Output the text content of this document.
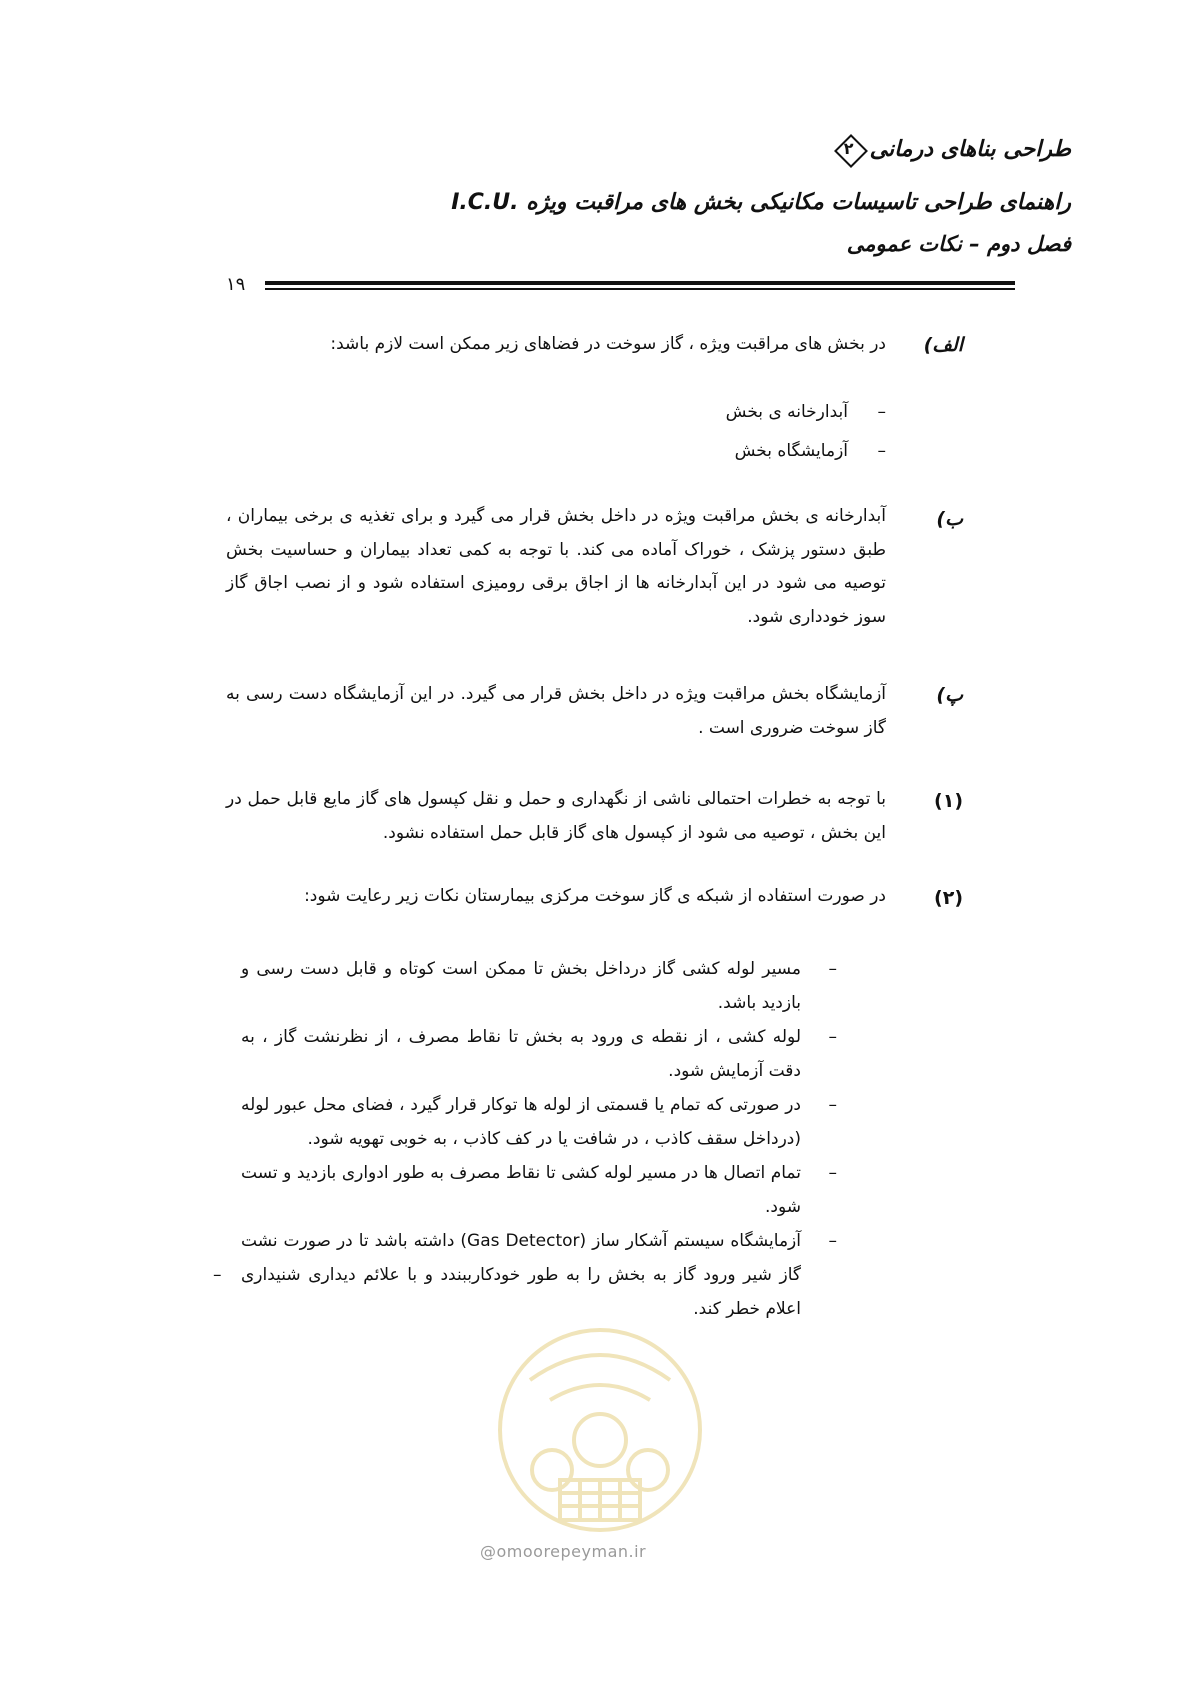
طراحی بناهای درمانی
۲
راهنمای طراحی تاسیسات مکانیکی بخش های مراقبت ویژه .I.C.U
فصل دوم – نکات عمومی
۱۹
الف)

در بخش های مراقبت ویژه ، گاز سوخت در فضاهای زیر ممکن است لازم باشد:

– آبدارخانه ی بخش
– آزمایشگاه بخش
ب)

آبدارخانه ی بخش مراقبت ویژه در داخل بخش قرار می گیرد و برای تغذیه ی برخی بیماران ، طبق دستور پزشک ، خوراک آماده می کند. با توجه به کمی تعداد بیماران و حساسیت بخش توصیه می شود در این آبدارخانه ها از اجاق برقی رومیزی استفاده شود و از نصب اجاق گاز سوز خودداری شود.

پ)

آزمایشگاه بخش مراقبت ویژه در داخل بخش قرار می گیرد. در این آزمایشگاه دست رسی به گاز سوخت ضروری است .

(۱)

با توجه به خطرات احتمالی ناشی از نگهداری و حمل و نقل کپسول های گاز مایع قابل حمل در این بخش ، توصیه می شود از کپسول های گاز قابل حمل استفاده نشود.

(۲)

در صورت استفاده از شبکه ی گاز سوخت مرکزی بیمارستان نکات زیر رعایت شود:

–
مسیر لوله کشی گاز درداخل بخش تا ممکن است کوتاه و قابل دست رسی و بازدید باشد.

–
لوله کشی ، از نقطه ی ورود به بخش تا نقاط مصرف ، از نظرنشت گاز ، به دقت آزمایش شود.

–
در صورتی که تمام یا قسمتی از لوله ها توکار قرار گیرد ، فضای محل عبور لوله (درداخل سقف کاذب ، در شافت یا در کف کاذب ، به خوبی تهویه شود.

–
تمام اتصال ها در مسیر لوله کشی تا نقاط مصرف به طور ادواری بازدید و تست شود.

–
آزمایشگاه سیستم آشکار ساز (Gas Detector) داشته باشد تا در صورت نشت گاز شیر ورود گاز به بخش را به طور خودکارببندد و با علائم دیداری شنیداری اعلام خطر کند.
–

@omoorepeyman.ir
